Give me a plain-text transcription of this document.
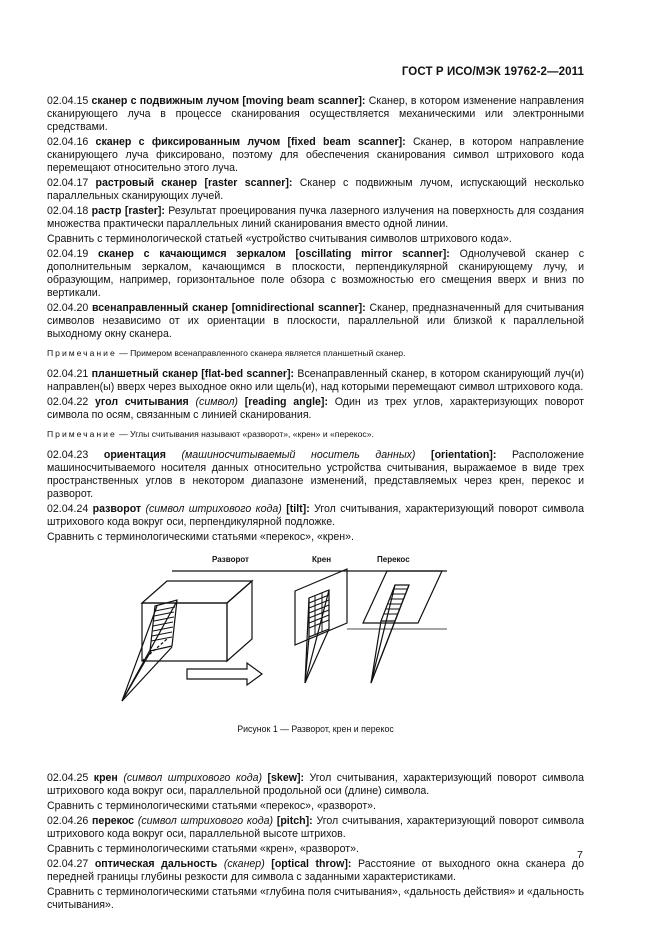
ГОСТ Р ИСО/МЭК 19762-2—2011
02.04.15 сканер с подвижным лучом [moving beam scanner]: Сканер, в котором изменение направления сканирующего луча в процессе сканирования осуществляется механическими или электронными средствами.
02.04.16 сканер с фиксированным лучом [fixed beam scanner]: Сканер, в котором направление сканирующего луча фиксировано, поэтому для обеспечения сканирования символ штрихового кода перемещают относительно этого луча.
02.04.17 растровый сканер [raster scanner]: Сканер с подвижным лучом, испускающий несколько параллельных сканирующих лучей.
02.04.18 растр [raster]: Результат проецирования пучка лазерного излучения на поверхность для создания множества практически параллельных линий сканирования вместо одной линии.
Сравнить с терминологической статьей «устройство считывания символов штрихового кода».
02.04.19 сканер с качающимся зеркалом [oscillating mirror scanner]: Однолучевой сканер с дополнительным зеркалом, качающимся в плоскости, перпендикулярной сканирующему лучу, и образующим, например, горизонтальное поле обзора с возможностью его смещения вверх и вниз по вертикали.
02.04.20 всенаправленный сканер [omnidirectional scanner]: Сканер, предназначенный для считывания символов независимо от их ориентации в плоскости, параллельной или близкой к параллельной выходному окну сканера.
Примечание — Примером всенаправленного сканера является планшетный сканер.
02.04.21 планшетный сканер [flat-bed scanner]: Всенаправленный сканер, в котором сканирующий луч(и) направлен(ы) вверх через выходное окно или щель(и), над которыми перемещают символ штрихового кода.
02.04.22 угол считывания (символ) [reading angle]: Один из трех углов, характеризующих поворот символа по осям, связанным с линией сканирования.
Примечание — Углы считывания называют «разворот», «крен» и «перекос».
02.04.23 ориентация (машиносчитываемый носитель данных) [orientation]: Расположение машиносчитываемого носителя данных относительно устройства считывания, выражаемое в виде трех пространственных углов в некотором диапазоне изменений, представляемых через крен, перекос и разворот.
02.04.24 разворот (символ штрихового кода) [tilt]: Угол считывания, характеризующий поворот символа штрихового кода вокруг оси, перпендикулярной подложке.
Сравнить с терминологическими статьями «перекос», «крен».
Разворот	Крен	Перекос
Рисунок 1 — Разворот, крен и перекос
02.04.25 крен (символ штрихового кода) [skew]: Угол считывания, характеризующий поворот символа штрихового кода вокруг оси, параллельной продольной оси (длине) символа.
Сравнить с терминологическими статьями «перекос», «разворот».
02.04.26 перекос (символ штрихового кода) [pitch]: Угол считывания, характеризующий поворот символа штрихового кода вокруг оси, параллельной высоте штрихов.
Сравнить с терминологическими статьями «крен», «разворот».
02.04.27 оптическая дальность (сканер) [optical throw]: Расстояние от выходного окна сканера до передней границы глубины резкости для символа с заданными характеристиками.
Сравнить с терминологическими статьями «глубина поля считывания», «дальность действия» и «дальность считывания».
7
